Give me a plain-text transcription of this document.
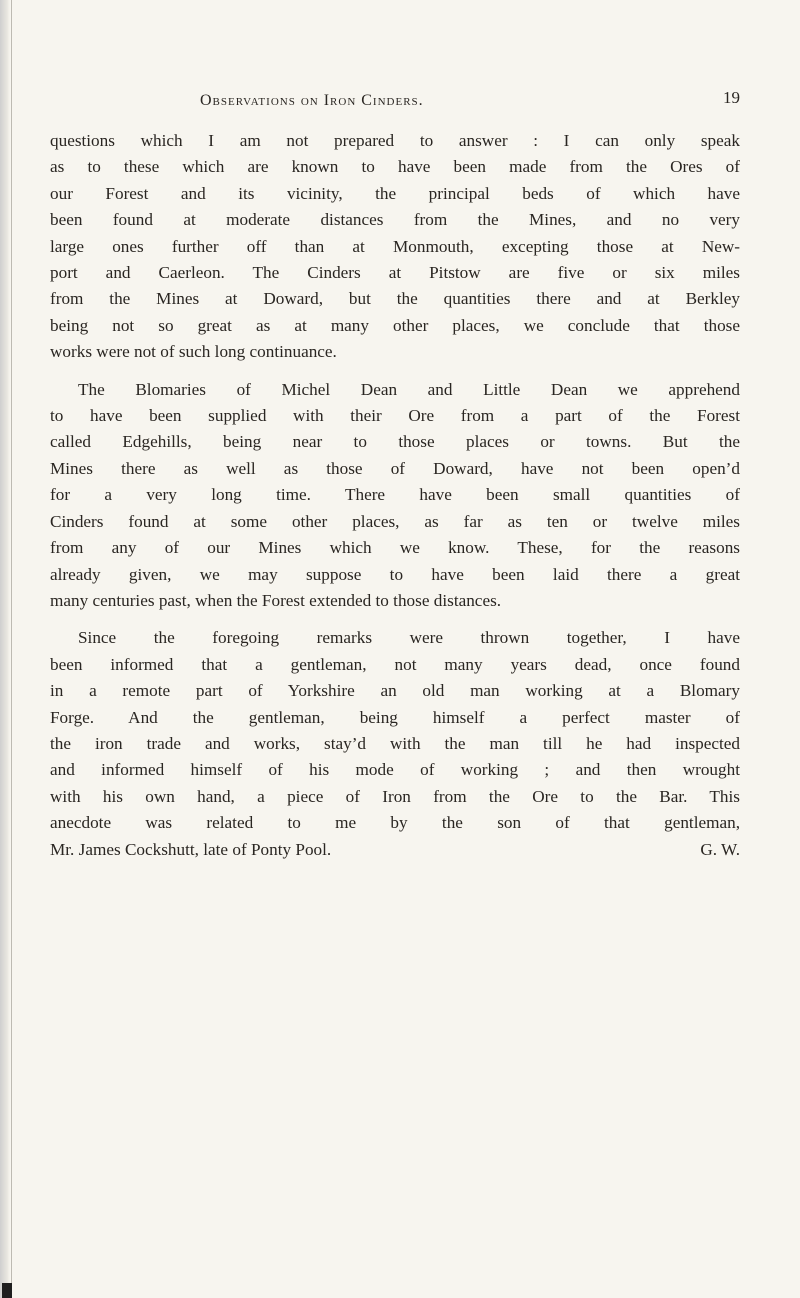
Observations on Iron Cinders.	19
questions which I am not prepared to answer : I can only speak
as to these which are known to have been made from the Ores of
our Forest and its vicinity, the principal beds of which have
been found at moderate distances from the Mines, and no very
large ones further off than at Monmouth, excepting those at New-
port and Caerleon. The Cinders at Pitstow are five or six miles
from the Mines at Doward, but the quantities there and at Berkley
being not so great as at many other places, we conclude that those
works were not of such long continuance.
The Blomaries of Michel Dean and Little Dean we apprehend
to have been supplied with their Ore from a part of the Forest
called Edgehills, being near to those places or towns. But the
Mines there as well as those of Doward, have not been open’d
for a very long time. There have been small quantities of
Cinders found at some other places, as far as ten or twelve miles
from any of our Mines which we know. These, for the reasons
already given, we may suppose to have been laid there a great
many centuries past, when the Forest extended to those distances.
Since the foregoing remarks were thrown together, I have
been informed that a gentleman, not many years dead, once found
in a remote part of Yorkshire an old man working at a Blomary
Forge. And the gentleman, being himself a perfect master of
the iron trade and works, stay’d with the man till he had inspected
and informed himself of his mode of working ; and then wrought
with his own hand, a piece of Iron from the Ore to the Bar. This
anecdote was related to me by the son of that gentleman,
Mr. James Cockshutt, late of Ponty Pool.	G. W.
